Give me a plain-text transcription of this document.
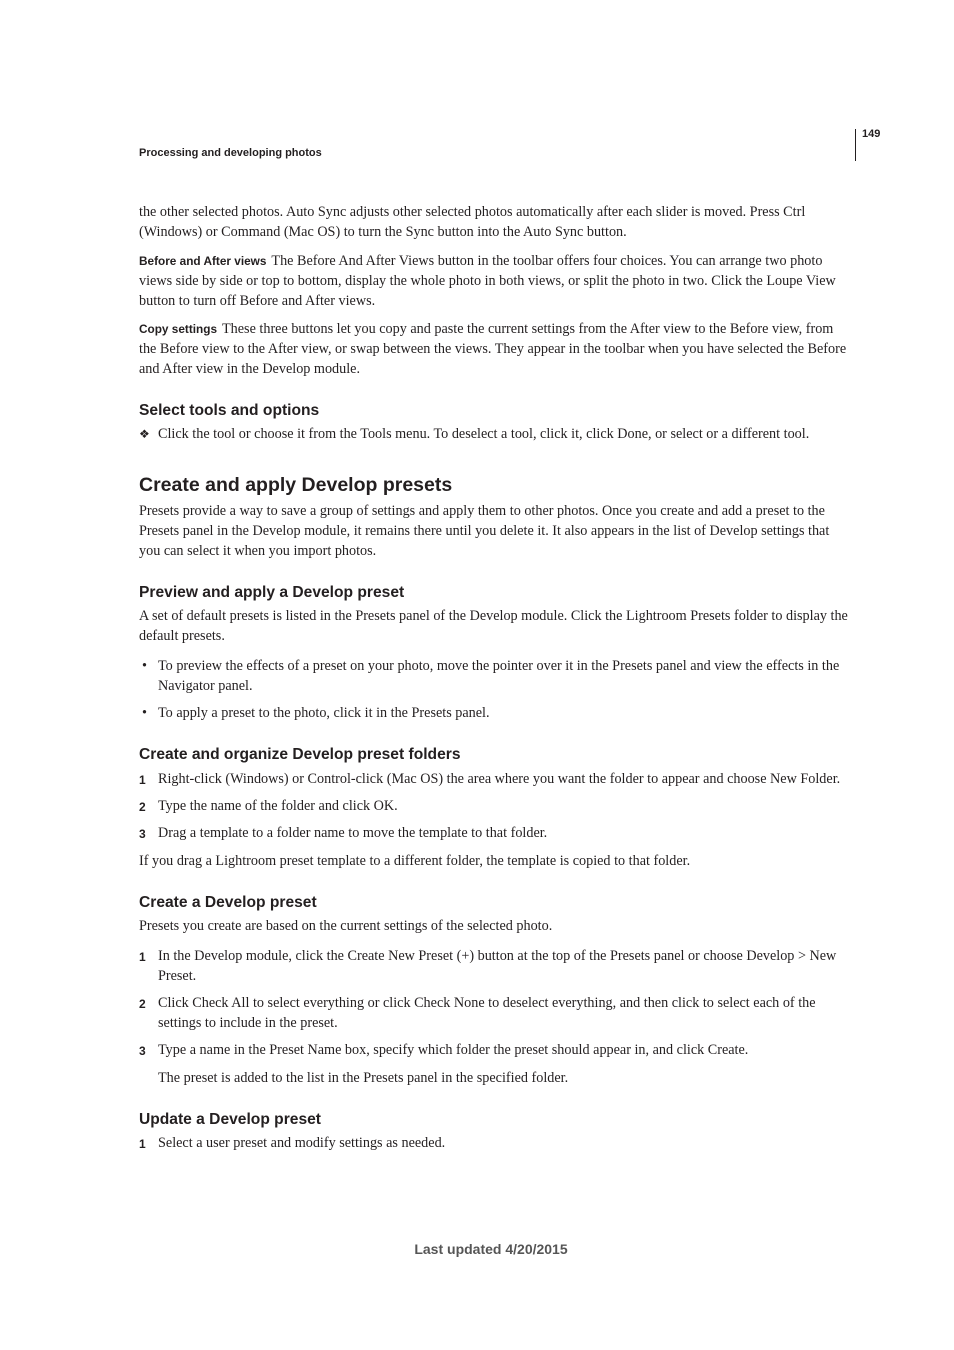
149
Processing and developing photos

the other selected photos. Auto Sync adjusts other selected photos automatically after each slider is moved. Press Ctrl (Windows) or Command (Mac OS) to turn the Sync button into the Auto Sync button.

Before and After views The Before And After Views button in the toolbar offers four choices. You can arrange two photo views side by side or top to bottom, display the whole photo in both views, or split the photo in two. Click the Loupe View button to turn off Before and After views.

Copy settings These three buttons let you copy and paste the current settings from the After view to the Before view, from the Before view to the After view, or swap between the views. They appear in the toolbar when you have selected the Before and After view in the Develop module.

Select tools and options
❖ Click the tool or choose it from the Tools menu. To deselect a tool, click it, click Done, or select or a different tool.
Create and apply Develop presets

Presets provide a way to save a group of settings and apply them to other photos. Once you create and add a preset to the Presets panel in the Develop module, it remains there until you delete it. It also appears in the list of Develop settings that you can select it when you import photos.

Preview and apply a Develop preset

A set of default presets is listed in the Presets panel of the Develop module. Click the Lightroom Presets folder to display the default presets.

• To preview the effects of a preset on your photo, move the pointer over it in the Presets panel and view the effects in the Navigator panel.
• To apply a preset to the photo, click it in the Presets panel.
Create and organize Develop preset folders
1 Right-click (Windows) or Control-click (Mac OS) the area where you want the folder to appear and choose New Folder.
2 Type the name of the folder and click OK.
3 Drag a template to a folder name to move the template to that folder.

If you drag a Lightroom preset template to a different folder, the template is copied to that folder.

Create a Develop preset

Presets you create are based on the current settings of the selected photo.

1 In the Develop module, click the Create New Preset (+) button at the top of the Presets panel or choose Develop > New Preset.
2 Click Check All to select everything or click Check None to deselect everything, and then click to select each of the settings to include in the preset.
3 Type a name in the Preset Name box, specify which folder the preset should appear in, and click Create.

The preset is added to the list in the Presets panel in the specified folder.

Update a Develop preset
1 Select a user preset and modify settings as needed.
Last updated 4/20/2015
